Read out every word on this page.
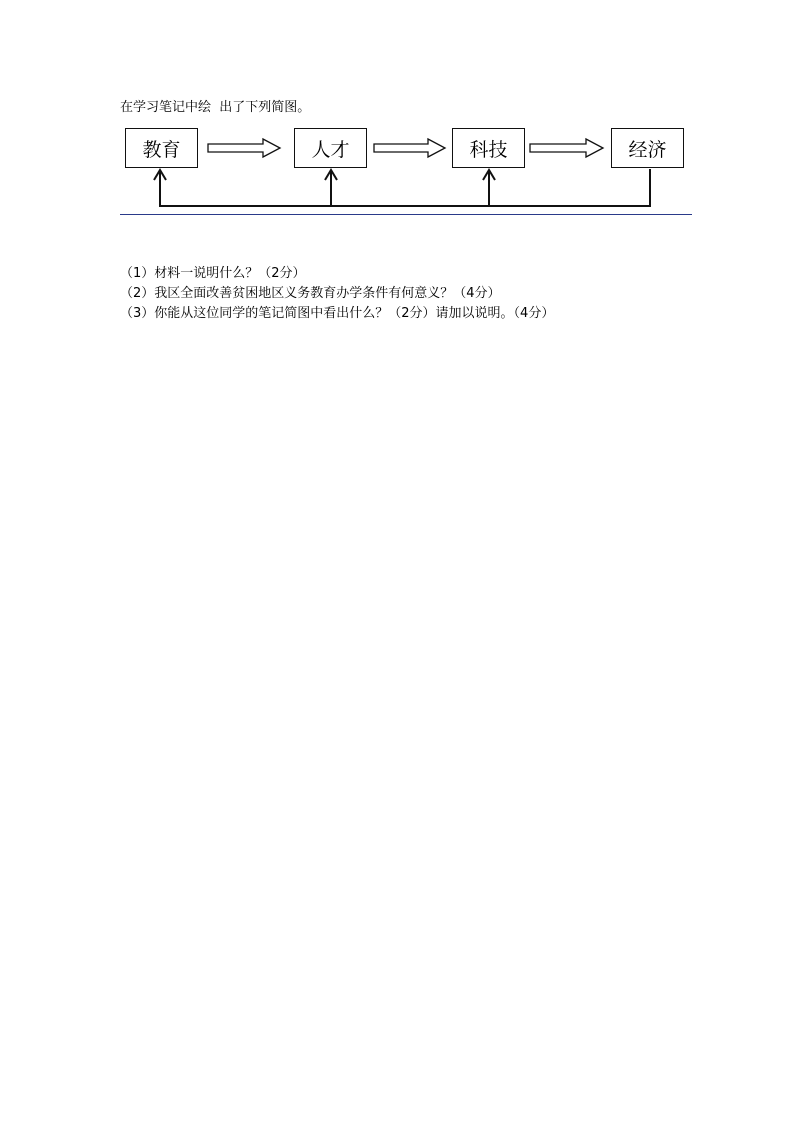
在学习笔记中绘  出了下列简图。
教育	人才	科技	经济
（1）材料一说明什么？（2分）
（2）我区全面改善贫困地区义务教育办学条件有何意义？（4分）
（3）你能从这位同学的笔记简图中看出什么？（2分）请加以说明。（4分）
